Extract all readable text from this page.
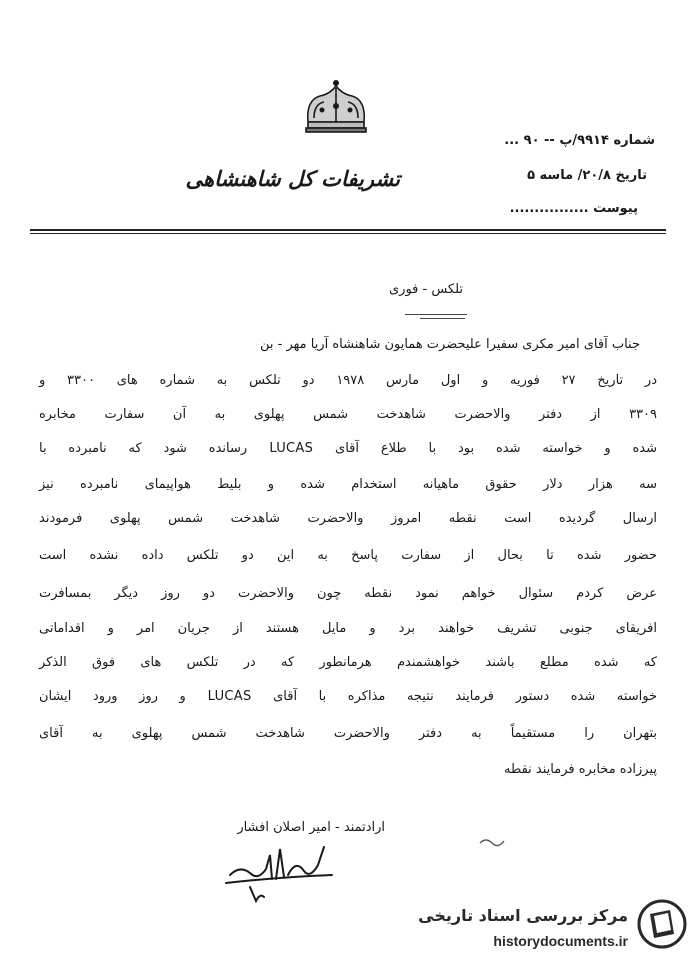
تشریفات کل شاهنشاهی
شماره ۹۹۱۴/پ -- ۹۰ ...
تاریخ ۲۰/۸/ ماسه ۵
پیوست ................
تلکس - فوری
جناب آقای امیر مکری سفیرا علیحضرت همایون شاهنشاه آریا مهر - بن
در تاریخ ۲۷ فوریه و اول مارس ۱۹۷۸ دو تلکس به شماره های ۳۳۰۰ و
۳۳۰۹ از دفتر والاحضرت شاهدخت شمس پهلوی به آن سفارت مخابره
شده و خواسته شده بود با طلاع آقای LUCAS رسانده شود که نامبرده با
سه هزار دلار حقوق ماهیانه استخدام شده و بلیط هواپیمای نامبرده نیز
ارسال گردیده است نقطه امروز والاحضرت شاهدخت شمس پهلوی فرمودند
حضور شده تا بحال از سفارت پاسخ به این دو تلکس داده نشده است
عرض کردم سئوال خواهم نمود نقطه چون والاحضرت دو روز دیگر بمسافرت
افریقای جنوبی تشریف خواهند برد و مایل هستند از جریان امر و اقداماتی
که شده مطلع باشند خواهشمندم هرمانطور که در تلکس های فوق الذکر
خواسته شده دستور فرمایند نتیجه مذاکره با آقای LUCAS و روز ورود ایشان
بتهران را مستقیماً به دفتر والاحضرت شاهدخت شمس پهلوی به آقای
پیرزاده مخابره فرمایند نقطه
ارادتمند - امیر اصلان افشار
مرکز بررسی اسناد تاریخی
historydocuments.ir
